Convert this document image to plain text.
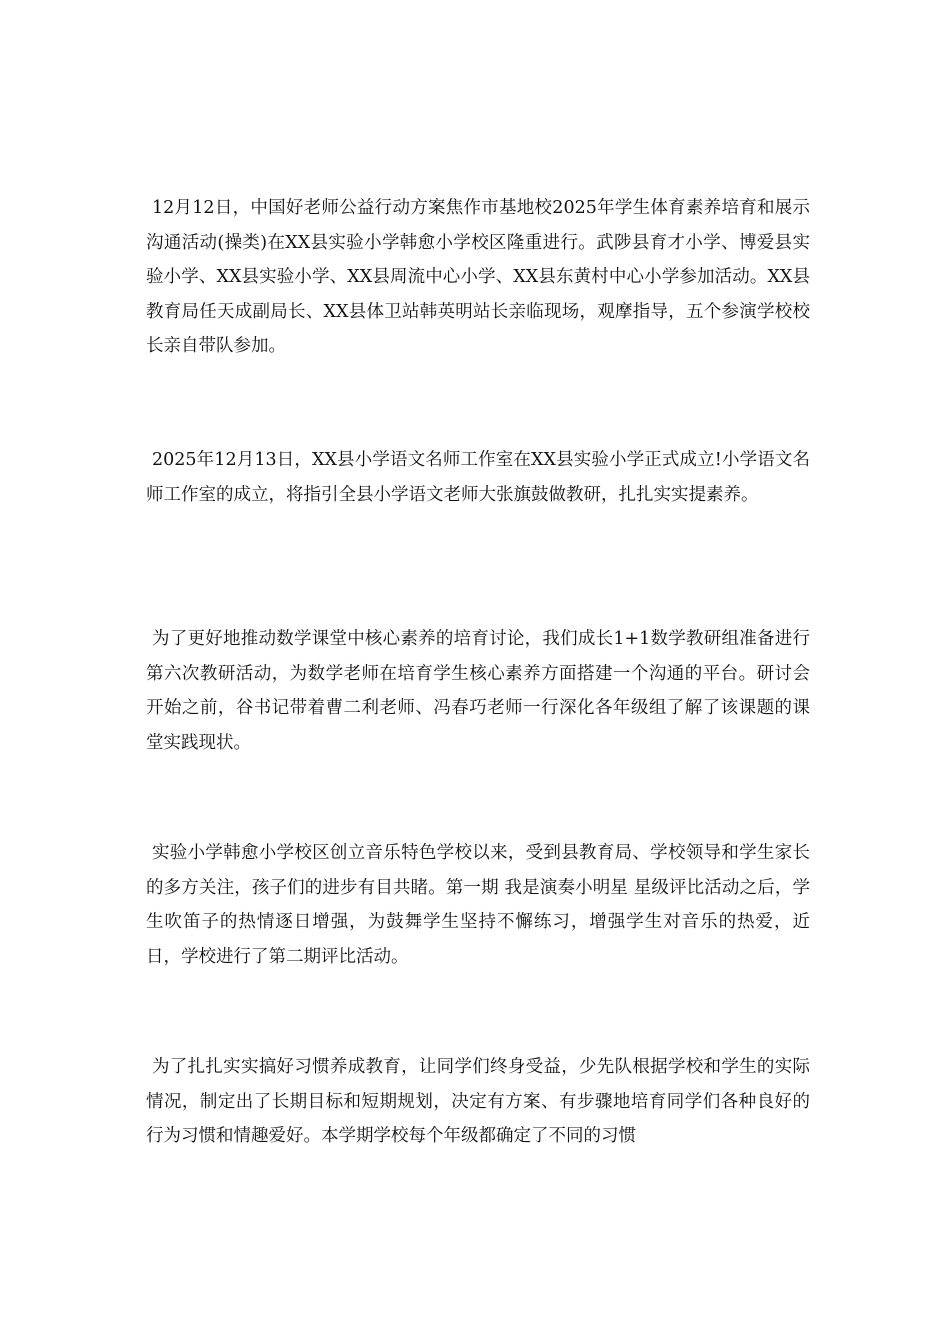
12月12日，中国好老师公益行动方案焦作市基地校2025年学生体育素养培育和展示沟通活动(操类)在XX县实验小学韩愈小学校区隆重进行。武陟县育才小学、博爱县实验小学、XX县实验小学、XX县周流中心小学、XX县东黄村中心小学参加活动。XX县教育局任天成副局长、XX县体卫站韩英明站长亲临现场，观摩指导，五个参演学校校长亲自带队参加。

2025年12月13日，XX县小学语文名师工作室在XX县实验小学正式成立!小学语文名师工作室的成立，将指引全县小学语文老师大张旗鼓做教研，扎扎实实提素养。

为了更好地推动数学课堂中核心素养的培育讨论，我们成长1+1数学教研组准备进行第六次教研活动，为数学老师在培育学生核心素养方面搭建一个沟通的平台。研讨会开始之前，谷书记带着曹二利老师、冯春巧老师一行深化各年级组了解了该课题的课堂实践现状。

实验小学韩愈小学校区创立音乐特色学校以来，受到县教育局、学校领导和学生家长的多方关注，孩子们的进步有目共睹。第一期 我是演奏小明星 星级评比活动之后，学生吹笛子的热情逐日增强，为鼓舞学生坚持不懈练习，增强学生对音乐的热爱，近日，学校进行了第二期评比活动。

为了扎扎实实搞好习惯养成教育，让同学们终身受益，少先队根据学校和学生的实际情况，制定出了长期目标和短期规划，决定有方案、有步骤地培育同学们各种良好的行为习惯和情趣爱好。本学期学校每个年级都确定了不同的习惯
